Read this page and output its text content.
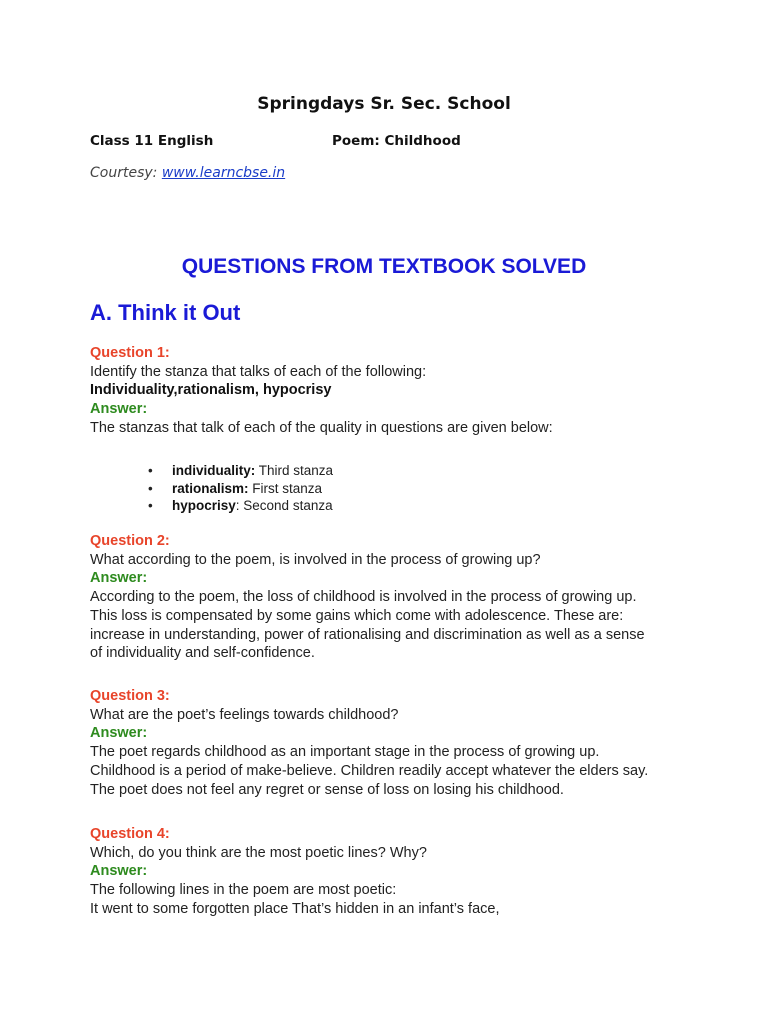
Springdays Sr. Sec. School
Class 11 English	Poem: Childhood
Courtesy: www.learncbse.in
QUESTIONS FROM TEXTBOOK SOLVED
A. Think it Out
Question 1:
Identify the stanza that talks of each of the following:
Individuality,rationalism, hypocrisy
Answer:
The stanzas that talk of each of the quality in questions are given below:
• individuality: Third stanza
• rationalism: First stanza
• hypocrisy: Second stanza
Question 2:
What according to the poem, is involved in the process of growing up?
Answer:
According to the poem, the loss of childhood is involved in the process of growing up.
This loss is compensated by some gains which come with adolescence. These are:
increase in understanding, power of rationalising and discrimination as well as a sense
of individuality and self-confidence.
Question 3:
What are the poet’s feelings towards childhood?
Answer:
The poet regards childhood as an important stage in the process of growing up.
Childhood is a period of make-believe. Children readily accept whatever the elders say.
The poet does not feel any regret or sense of loss on losing his childhood.
Question 4:
Which, do you think are the most poetic lines? Why?
Answer:
The following lines in the poem are most poetic:
It went to some forgotten place That’s hidden in an infant’s face,
